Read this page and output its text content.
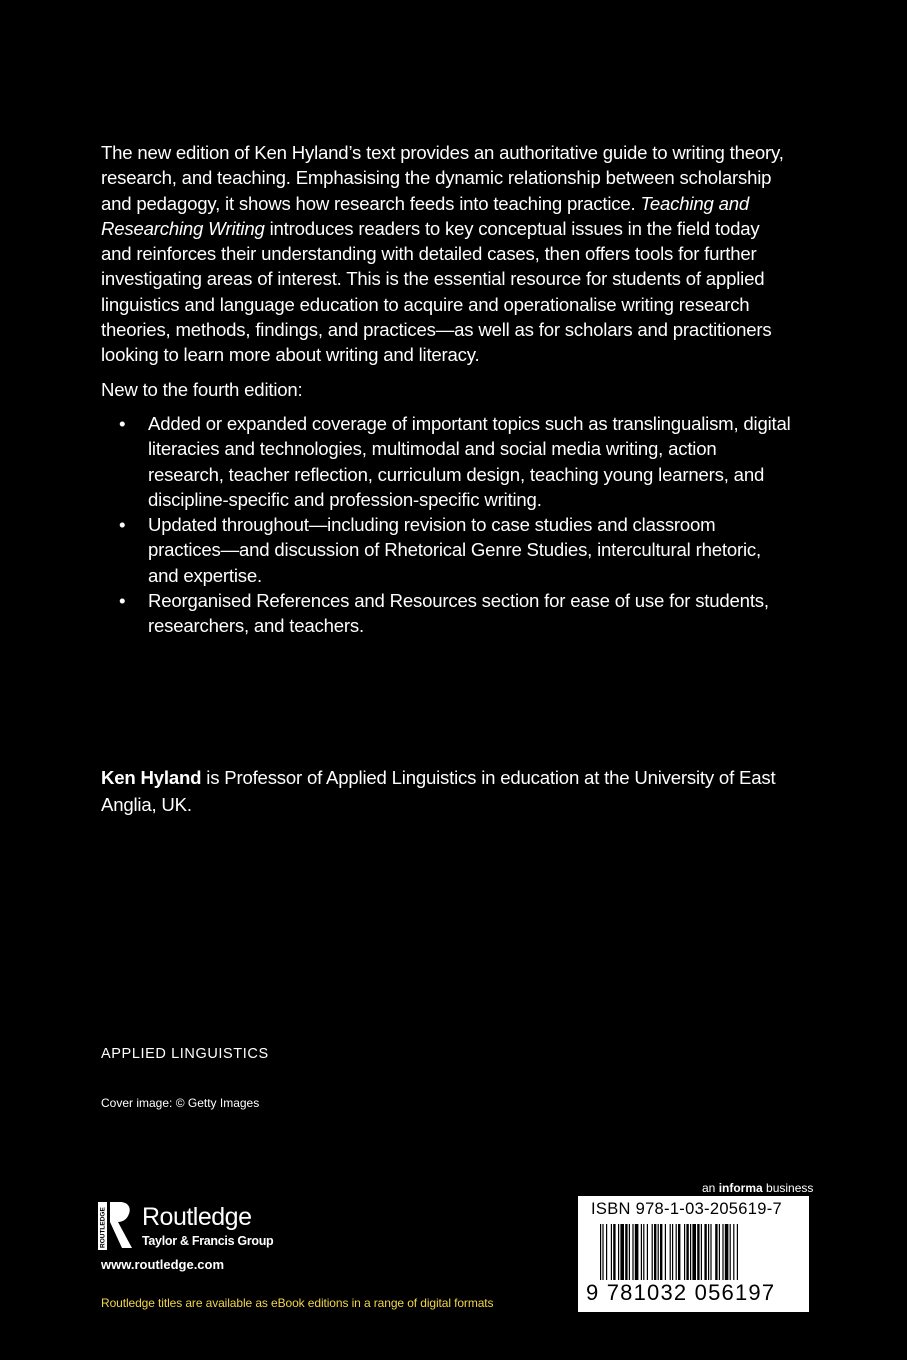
The new edition of Ken Hyland’s text provides an authoritative guide to writing theory, research, and teaching. Emphasising the dynamic relationship between scholarship and pedagogy, it shows how research feeds into teaching practice. Teaching and Researching Writing introduces readers to key conceptual issues in the field today and reinforces their understanding with detailed cases, then offers tools for further investigating areas of interest. This is the essential resource for students of applied linguistics and language education to acquire and operationalise writing research theories, methods, findings, and practices—as well as for scholars and practitioners looking to learn more about writing and literacy.

New to the fourth edition:

• Added or expanded coverage of important topics such as translingualism, digital literacies and technologies, multimodal and social media writing, action research, teacher reflection, curriculum design, teaching young learners, and discipline-specific and profession-specific writing.
• Updated throughout—including revision to case studies and classroom practices—and discussion of Rhetorical Genre Studies, intercultural rhetoric, and expertise.
• Reorganised References and Resources section for ease of use for students, researchers, and teachers.
Ken Hyland is Professor of Applied Linguistics in education at the University of East Anglia, UK.
APPLIED LINGUISTICS
Cover image: © Getty Images
ROUTLEDGE Routledge
Taylor & Francis Group
www.routledge.com
Routledge titles are available as eBook editions in a range of digital formats
an informa business
ISBN 978-1-03-205619-7
9 781032 056197
